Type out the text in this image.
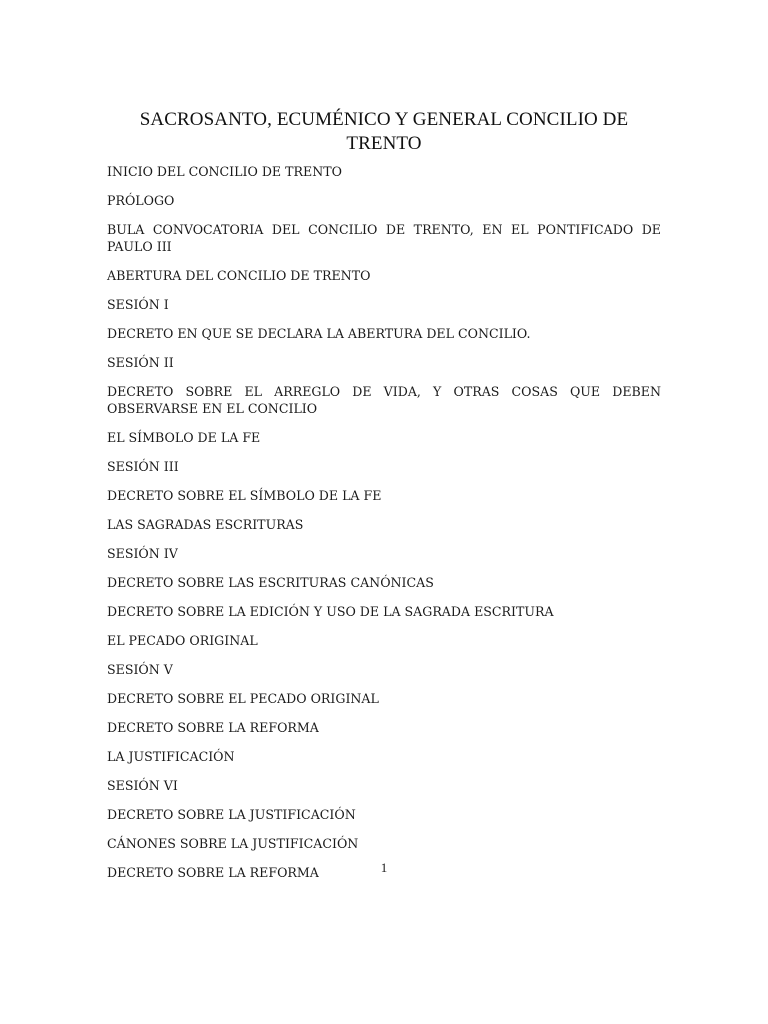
SACROSANTO, ECUMÉNICO Y GENERAL CONCILIO DE TRENTO
INICIO DEL CONCILIO DE TRENTO
PRÓLOGO
BULA CONVOCATORIA DEL CONCILIO DE TRENTO, EN EL PONTIFICADO DE PAULO III
ABERTURA DEL CONCILIO DE TRENTO
SESIÓN I
DECRETO EN QUE SE DECLARA LA ABERTURA DEL CONCILIO.
SESIÓN II
DECRETO SOBRE EL ARREGLO DE VIDA, Y OTRAS COSAS QUE DEBEN OBSERVARSE EN EL CONCILIO
EL SÍMBOLO DE LA FE
SESIÓN III
DECRETO SOBRE EL SÍMBOLO DE LA FE
LAS SAGRADAS ESCRITURAS
SESIÓN IV
DECRETO SOBRE LAS ESCRITURAS CANÓNICAS
DECRETO SOBRE LA EDICIÓN Y USO DE LA SAGRADA ESCRITURA
EL PECADO ORIGINAL
SESIÓN V
DECRETO SOBRE EL PECADO ORIGINAL
DECRETO SOBRE LA REFORMA
LA JUSTIFICACIÓN
SESIÓN VI
DECRETO SOBRE LA JUSTIFICACIÓN
CÁNONES SOBRE LA JUSTIFICACIÓN
DECRETO SOBRE LA REFORMA	1
